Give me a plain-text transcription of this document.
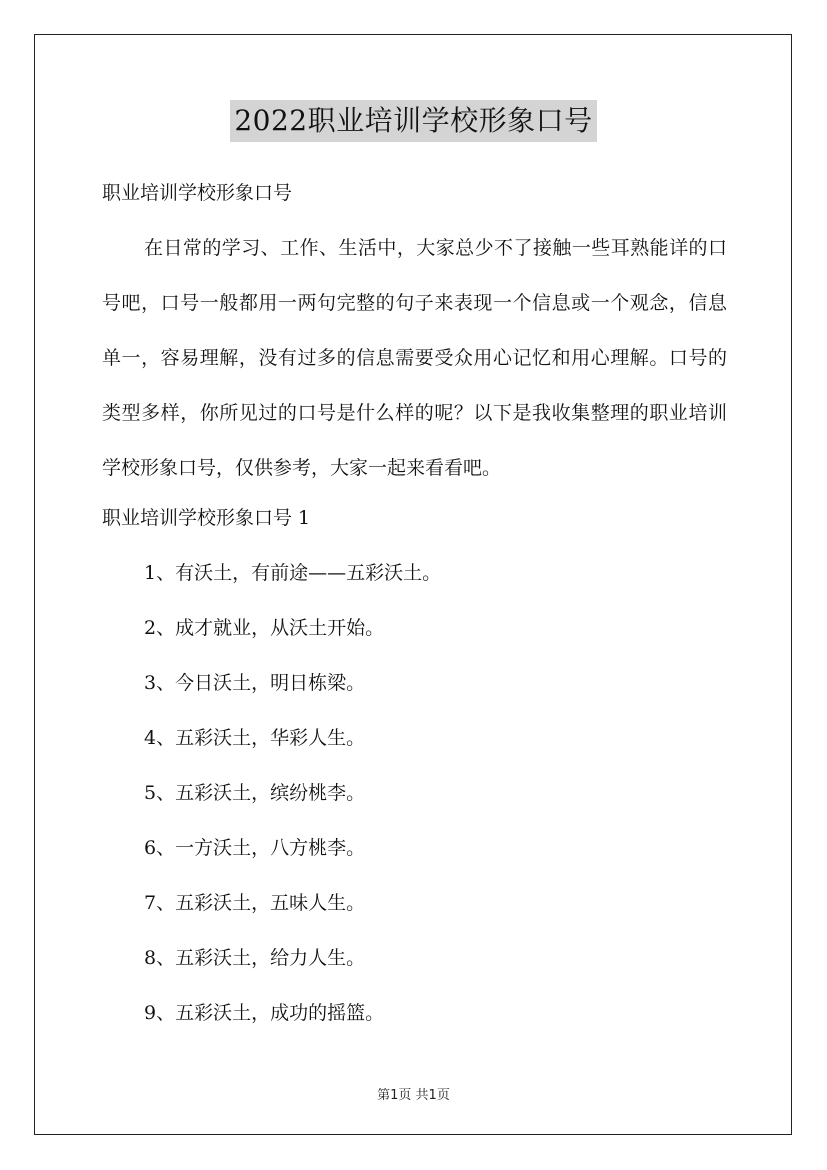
2022职业培训学校形象口号
职业培训学校形象口号

在日常的学习、工作、生活中，大家总少不了接触一些耳熟能详的口号吧，口号一般都用一两句完整的句子来表现一个信息或一个观念，信息单一，容易理解，没有过多的信息需要受众用心记忆和用心理解。口号的类型多样，你所见过的口号是什么样的呢？以下是我收集整理的职业培训学校形象口号，仅供参考，大家一起来看看吧。

职业培训学校形象口号 1
1、有沃土，有前途——五彩沃土。
2、成才就业，从沃土开始。
3、今日沃土，明日栋梁。
4、五彩沃土，华彩人生。
5、五彩沃土，缤纷桃李。
6、一方沃土，八方桃李。
7、五彩沃土，五味人生。
8、五彩沃土，给力人生。
9、五彩沃土，成功的摇篮。
第1页 共1页
